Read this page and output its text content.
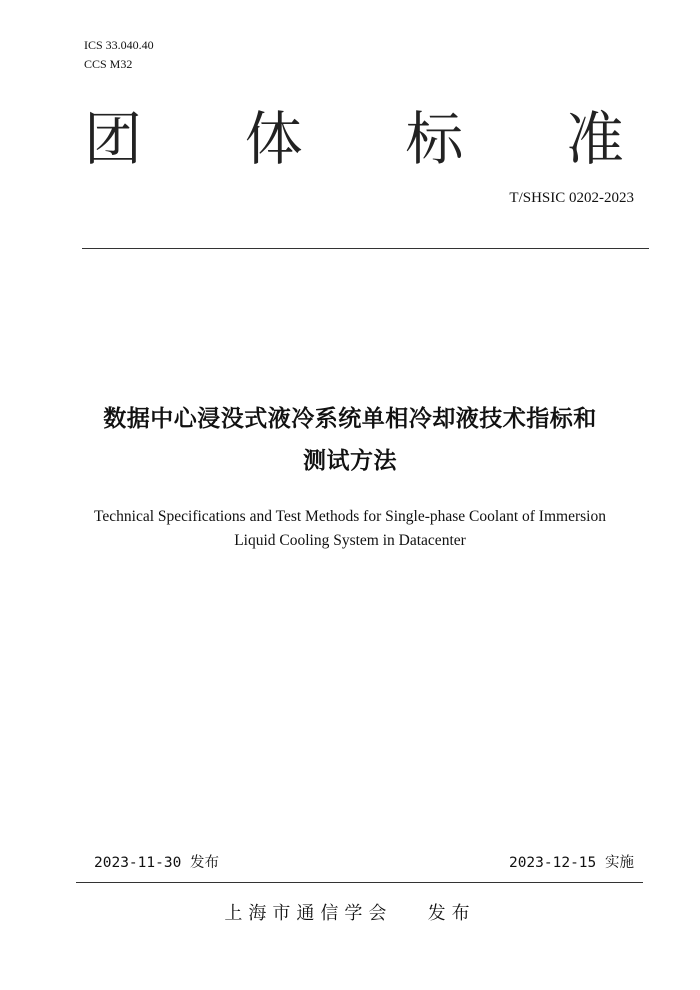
ICS 33.040.40
CCS M32
团 体 标 准
T/SHSIC 0202-2023
数据中心浸没式液冷系统单相冷却液技术指标和
测试方法
Technical Specifications and Test Methods for Single-phase Coolant of Immersion
Liquid Cooling System in Datacenter
2023-11-30 发布	2023-12-15 实施
上海市通信学会   发布
